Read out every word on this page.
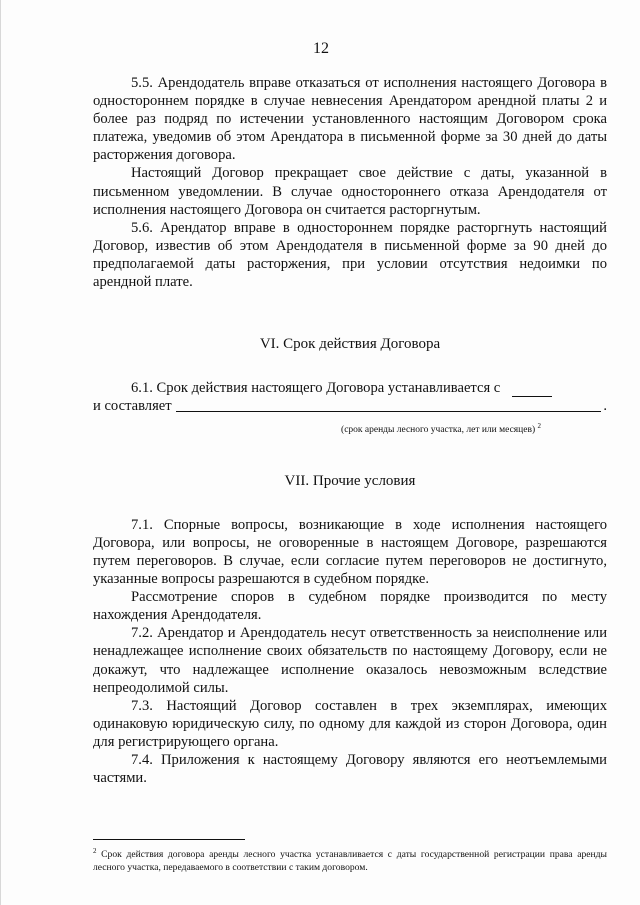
12

5.5. Арендодатель вправе отказаться от исполнения настоящего Договора в одностороннем порядке в случае невнесения Арендатором арендной платы 2 и более раз подряд по истечении установленного настоящим Договором срока платежа, уведомив об этом Арендатора в письменной форме за 30 дней до даты расторжения договора.

Настоящий Договор прекращает свое действие с даты, указанной в письменном уведомлении. В случае одностороннего отказа Арендодателя от исполнения настоящего Договора он считается расторгнутым.

5.6. Арендатор вправе в одностороннем порядке расторгнуть настоящий Договор, известив об этом Арендодателя в письменной форме за 90 дней до предполагаемой даты расторжения, при условии отсутствия недоимки по арендной плате.

VI. Срок действия Договора

6.1. Срок действия настоящего Договора устанавливается с
и составляет	.
(срок аренды лесного участка, лет или месяцев) $^2$

VII. Прочие условия

7.1. Спорные вопросы, возникающие в ходе исполнения настоящего Договора, или вопросы, не оговоренные в настоящем Договоре, разрешаются путем переговоров. В случае, если согласие путем переговоров не достигнуто, указанные вопросы разрешаются в судебном порядке.

Рассмотрение споров в судебном порядке производится по месту нахождения Арендодателя.

7.2. Арендатор и Арендодатель несут ответственность за неисполнение или ненадлежащее исполнение своих обязательств по настоящему Договору, если не докажут, что надлежащее исполнение оказалось невозможным вследствие непреодолимой силы.

7.3. Настоящий Договор составлен в трех экземплярах, имеющих одинаковую юридическую силу, по одному для каждой из сторон Договора, один для регистрирующего органа.

7.4. Приложения к настоящему Договору являются его неотъемлемыми частями.

$^2$ Срок действия договора аренды лесного участка устанавливается с даты государственной регистрации права аренды лесного участка, передаваемого в соответствии с таким договором.
